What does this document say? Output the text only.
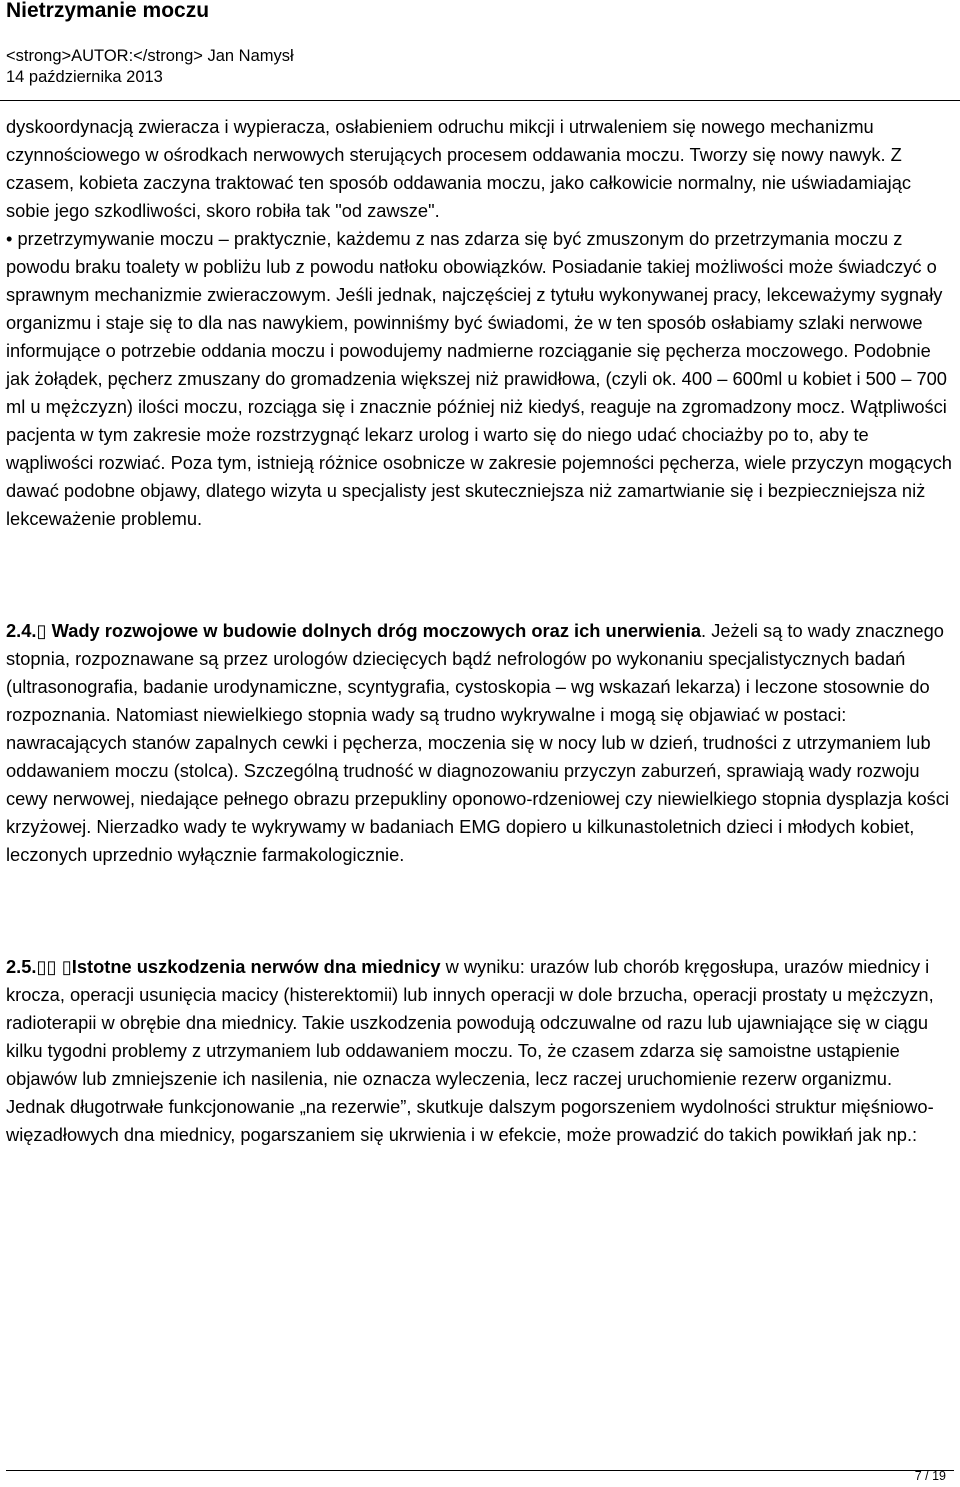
Nietrzymanie moczu
<strong>AUTOR:</strong> Jan Namysł
14 października 2013

dyskoordynacją zwieracza i wypieracza, osłabieniem odruchu mikcji i utrwaleniem się nowego mechanizmu czynnościowego w ośrodkach nerwowych sterujących procesem oddawania moczu. Tworzy się nowy nawyk. Z czasem, kobieta zaczyna traktować ten sposób oddawania moczu, jako całkowicie normalny, nie uświadamiając sobie jego szkodliwości, skoro robiła tak "od zawsze".

• przetrzymywanie moczu – praktycznie, każdemu z nas zdarza się być zmuszonym do przetrzymania moczu z powodu braku toalety w pobliżu lub z powodu natłoku obowiązków. Posiadanie takiej możliwości może świadczyć o sprawnym mechanizmie zwieraczowym. Jeśli jednak, najczęściej z tytułu wykonywanej pracy, lekceważymy sygnały organizmu i staje się to dla nas nawykiem, powinniśmy być świadomi, że w ten sposób osłabiamy szlaki nerwowe informujące o potrzebie oddania moczu i powodujemy nadmierne rozciąganie się pęcherza moczowego. Podobnie jak żołądek, pęcherz zmuszany do gromadzenia większej niż prawidłowa, (czyli ok. 400 – 600ml u kobiet i 500 – 700 ml u mężczyzn) ilości moczu, rozciąga się i znacznie później niż kiedyś, reaguje na zgromadzony mocz. Wątpliwości pacjenta w tym zakresie może rozstrzygnąć lekarz urolog i warto się do niego udać chociażby po to, aby te wąpliwości rozwiać. Poza tym, istnieją różnice osobnicze w zakresie pojemności pęcherza, wiele przyczyn mogących dawać podobne objawy, dlatego wizyta u specjalisty jest skuteczniejsza niż zamartwianie się i bezpieczniejsza niż lekceważenie problemu.

2.4.▯ Wady rozwojowe w budowie dolnych dróg moczowych oraz ich unerwienia. Jeżeli są to wady znacznego stopnia, rozpoznawane są przez urologów dziecięcych bądź nefrologów po wykonaniu specjalistycznych badań (ultrasonografia, badanie urodynamiczne, scyntygrafia, cystoskopia – wg wskazań lekarza) i leczone stosownie do rozpoznania. Natomiast niewielkiego stopnia wady są trudno wykrywalne i mogą się objawiać w postaci: nawracających stanów zapalnych cewki i pęcherza, moczenia się w nocy lub w dzień, trudności z utrzymaniem lub oddawaniem moczu (stolca). Szczególną trudność w diagnozowaniu przyczyn zaburzeń, sprawiają wady rozwoju cewy nerwowej, niedające pełnego obrazu przepukliny oponowo-rdzeniowej czy niewielkiego stopnia dysplazja kości krzyżowej. Nierzadko wady te wykrywamy w badaniach EMG dopiero u kilkunastoletnich dzieci i młodych kobiet, leczonych uprzednio wyłącznie farmakologicznie.

2.5.▯▯ ▯Istotne uszkodzenia nerwów dna miednicy w wyniku: urazów lub chorób kręgosłupa, urazów miednicy i krocza, operacji usunięcia macicy (histerektomii) lub innych operacji w dole brzucha, operacji prostaty u mężczyzn, radioterapii w obrębie dna miednicy. Takie uszkodzenia powodują odczuwalne od razu lub ujawniające się w ciągu kilku tygodni problemy z utrzymaniem lub oddawaniem moczu. To, że czasem zdarza się samoistne ustąpienie objawów lub zmniejszenie ich nasilenia, nie oznacza wyleczenia, lecz raczej uruchomienie rezerw organizmu. Jednak długotrwałe funkcjonowanie „na rezerwie”, skutkuje dalszym pogorszeniem wydolności struktur mięśniowo-więzadłowych dna miednicy, pogarszaniem się ukrwienia i w efekcie, może prowadzić do takich powikłań jak np.:

7 / 19
